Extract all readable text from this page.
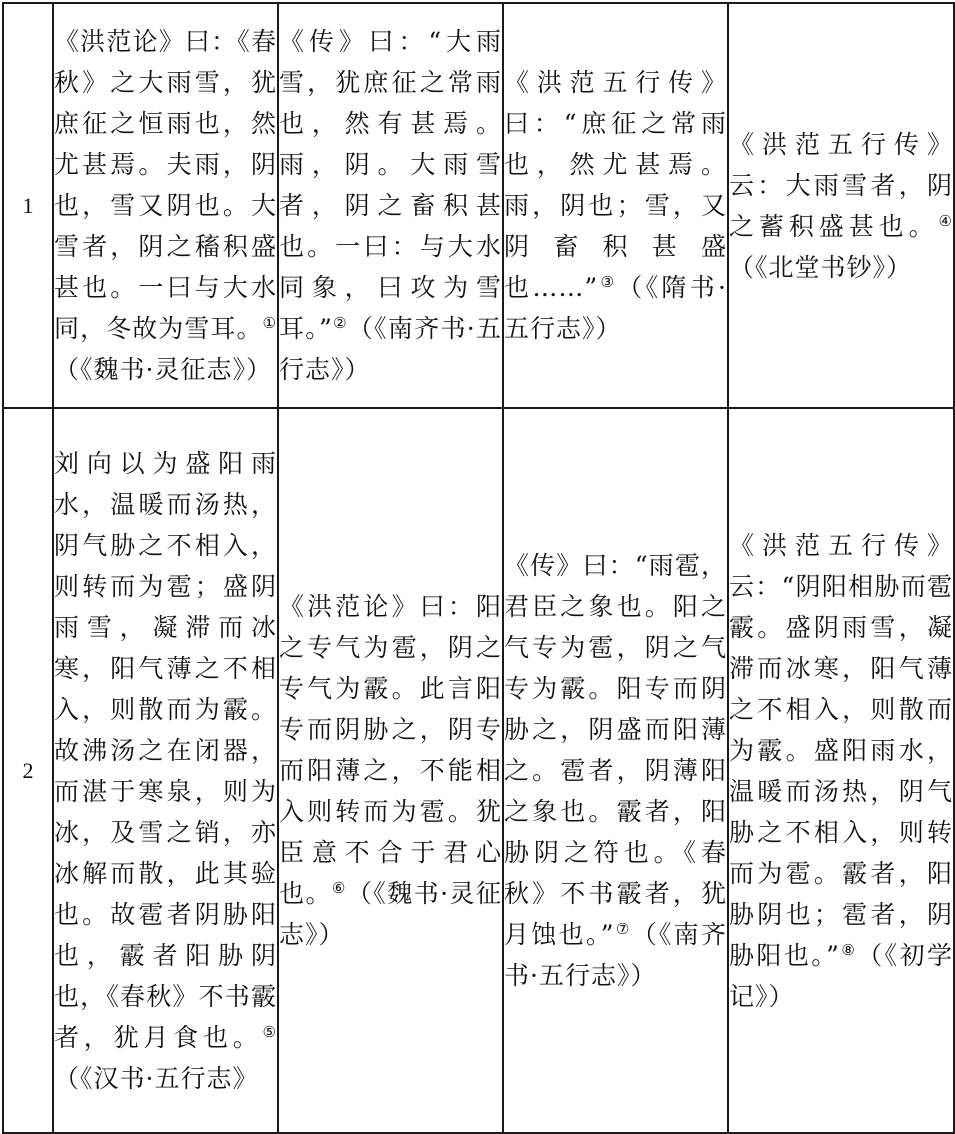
1	《洪范论》曰：《春秋》之大雨雪，犹庶征之恒雨也，然尤甚焉。夫雨，阴也，雪又阴也。大雪者，阴之稸积盛甚也。一曰与大水同，冬故为雪耳。①（《魏书·灵征志》）	《传》曰：“大雨雪，犹庶征之常雨也，然有甚焉。雨，阴。大雨雪者，阴之畜积甚也。一曰：与大水同象，曰攻为雪耳。”②（《南齐书·五行志》）	《洪范五行传》曰：“庶征之常雨也，然尤甚焉。雨，阴也；雪，又阴畜积甚盛也……”③（《隋书·五行志》）	《洪范五行传》云：大雨雪者，阴之蓄积盛甚也。④（《北堂书钞》）

2	刘向以为盛阳雨水，温暖而汤热，阴气胁之不相入，则转而为雹；盛阴雨雪，凝滞而冰寒，阳气薄之不相入，则散而为霰。故沸汤之在闭器，而湛于寒泉，则为冰，及雪之销，亦冰解而散，此其验也。故雹者阴胁阳也，霰者阳胁阴也，《春秋》不书霰者，犹月食也。⑤（《汉书·五行志》	《洪范论》曰：阳之专气为雹，阴之专气为霰。此言阳专而阴胁之，阴专而阳薄之，不能相入则转而为雹。犹臣意不合于君心也。⑥（《魏书·灵征志》）	《传》曰：“雨雹，君臣之象也。阳之气专为雹，阴之气专为霰。阳专而阴胁之，阴盛而阳薄之。雹者，阴薄阳之象也。霰者，阳胁阴之符也。《春秋》不书霰者，犹月蚀也。”⑦（《南齐书·五行志》）	《洪范五行传》云：“阴阳相胁而雹霰。盛阴雨雪，凝滞而冰寒，阳气薄之不相入，则散而为霰。盛阳雨水，温暖而汤热，阴气胁之不相入，则转而为雹。霰者，阳胁阴也；雹者，阴胁阳也。”⑧（《初学记》）
